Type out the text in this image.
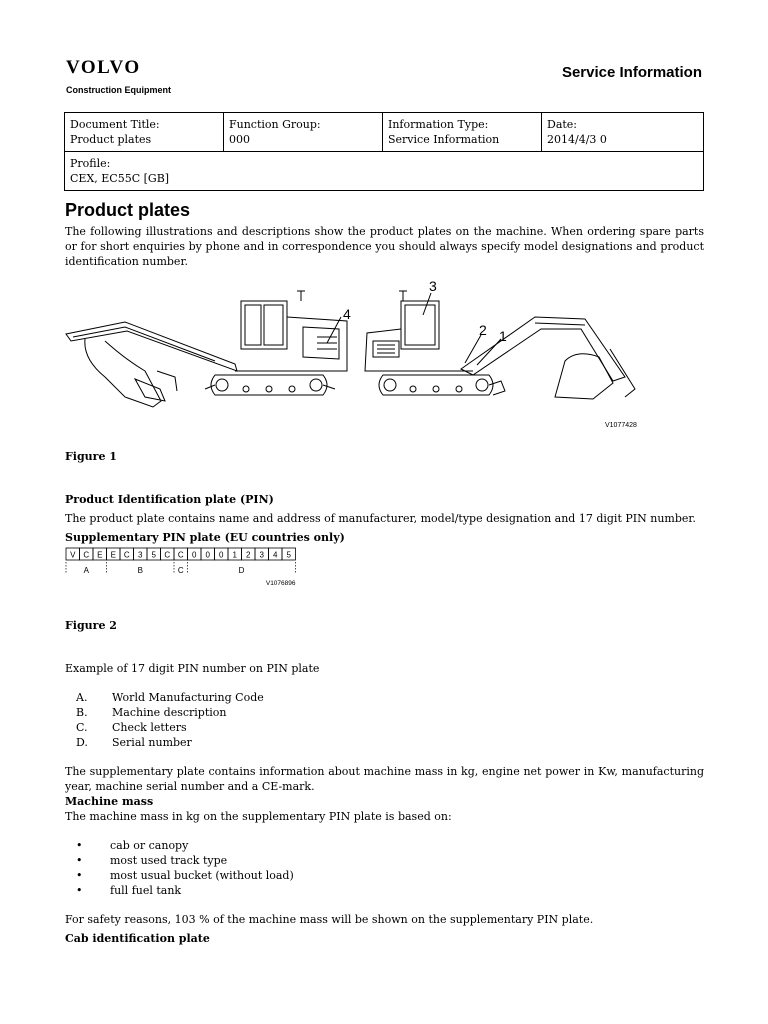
VOLVO
Construction Equipment
Service Information
Document Title:
Product plates

Function Group:
000

Information Type:
Service Information

Date:
2014/4/3 0

Profile:
CEX, EC55C [GB]
Product plates

The following illustrations and descriptions show the product plates on the machine. When ordering spare parts or for short enquiries by phone and in correspondence you should always specify model designations and product identification number.

4
3
2 1
V1077428
Figure 1
Product Identification plate (PIN)

The product plate contains name and address of manufacturer, model/type designation and 17 digit PIN number.

Supplementary PIN plate (EU countries only)
V C E E C 3 5 C C 0 0 0 1 2 3 4 5
A	B	C	D
V1076896
Figure 2

Example of 17 digit PIN number on PIN plate

A.	World Manufacturing Code
B.	Machine description
C.	Check letters
D.	Serial number

The supplementary plate contains information about machine mass in kg, engine net power in Kw, manufacturing year, machine serial number and a CE-mark.

Machine mass

The machine mass in kg on the supplementary PIN plate is based on:

•	cab or canopy
•	most used track type
•	most usual bucket (without load)
•	full fuel tank

For safety reasons, 103 % of the machine mass will be shown on the supplementary PIN plate.

Cab identification plate
